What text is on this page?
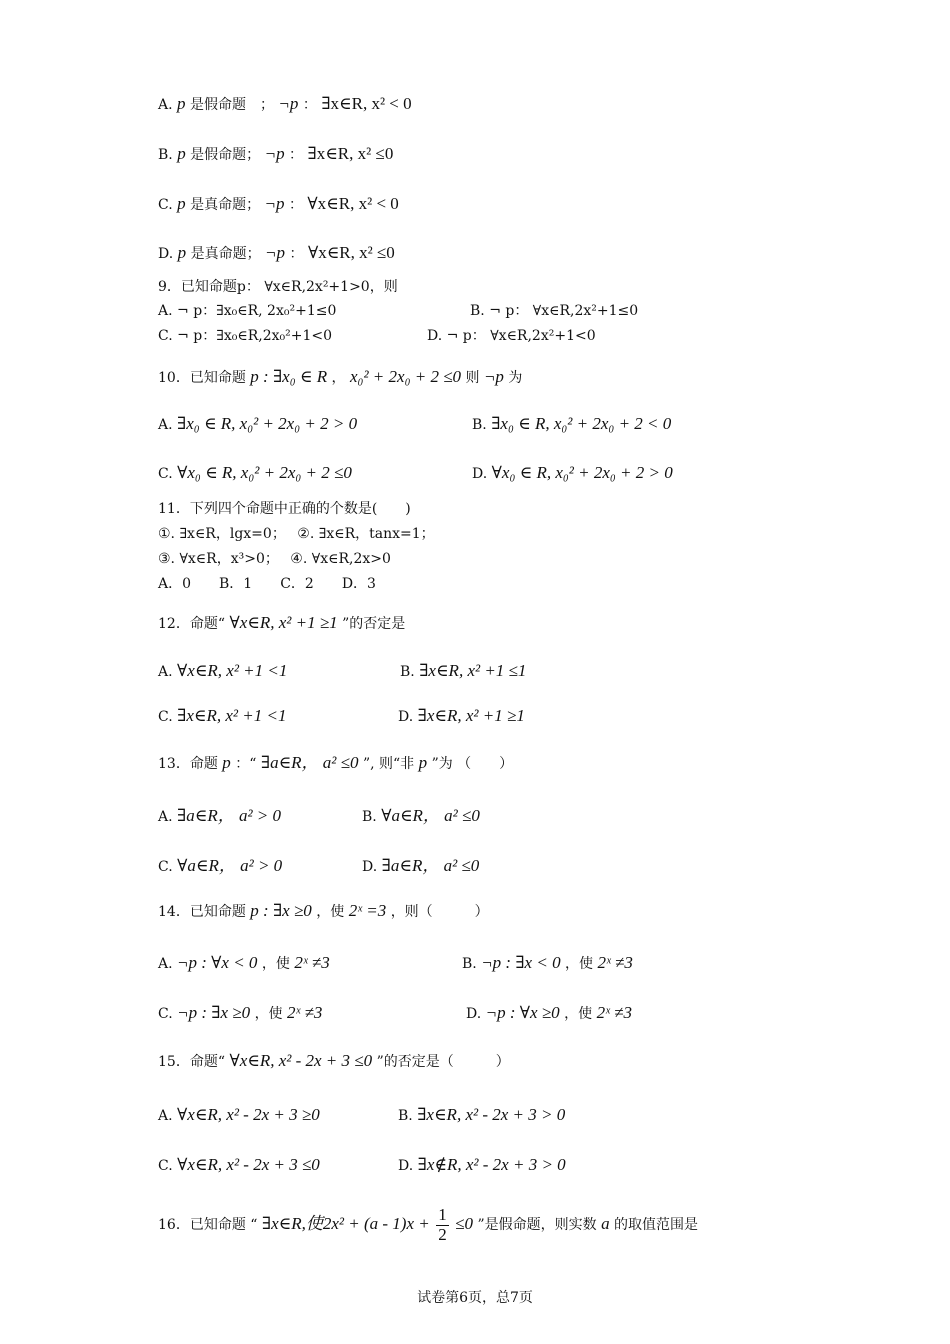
A. p 是假命题　； ¬p ： ∃x∈R, x² < 0
B. p 是假命题； ¬p ： ∃x∈R, x² ≤0
C. p 是真命题； ¬p ： ∀x∈R, x² < 0
D. p 是真命题； ¬p ： ∀x∈R, x² ≤0
9．已知命题p： ∀x∈R,2x²+1>0，则
A. ¬ p：∃x₀∈R, 2x₀²+1≤0	B. ¬ p： ∀x∈R,2x²+1≤0
C. ¬ p：∃x₀∈R,2x₀²+1<0	D. ¬ p： ∀x∈R,2x²+1<0
10．已知命题 p : ∃x₀ ∈ R ， x₀² + 2x₀ + 2 ≤0 则 ¬p 为
A. ∃x₀ ∈ R, x₀² + 2x₀ + 2 > 0	B. ∃x₀ ∈ R, x₀² + 2x₀ + 2 < 0
C. ∀x₀ ∈ R, x₀² + 2x₀ + 2 ≤0	D. ∀x₀ ∈ R, x₀² + 2x₀ + 2 > 0
11．下列四个命题中正确的个数是(　　)
①. ∃x∈R，lgx=0；　 ②. ∃x∈R，tanx=1；
③. ∀x∈R，x³>0；　 ④. ∀x∈R,2x>0
A．0　　B．1　　C．2　　D．3
12．命题“ ∀x∈R, x² +1 ≥1 ”的否定是
A. ∀x∈R, x² +1 <1	B. ∃x∈R, x² +1 ≤1
C. ∃x∈R, x² +1 <1	D. ∃x∈R, x² +1 ≥1
13．命题 p ：“ ∃a∈R， a² ≤0 ”, 则“非 p ”为 （　　）
A. ∃a∈R， a² > 0	B. ∀a∈R， a² ≤0
C. ∀a∈R， a² > 0	D. ∃a∈R， a² ≤0
14．已知命题 p : ∃x ≥0 ，使 2ˣ =3 ，则（　　　）
A. ¬p : ∀x < 0 ，使 2ˣ ≠3	B. ¬p : ∃x < 0 ，使 2ˣ ≠3
C. ¬p : ∃x ≥0 ，使 2ˣ ≠3	D. ¬p : ∀x ≥0 ，使 2ˣ ≠3
15．命题“ ∀x∈R, x² - 2x + 3 ≤0 ”的否定是（　　　）
A. ∀x∈R, x² - 2x + 3 ≥0	B. ∃x∈R, x² - 2x + 3 > 0
C. ∀x∈R, x² - 2x + 3 ≤0	D. ∃x∉R, x² - 2x + 3 > 0
16．已知命题 “ ∃x∈R,使$2x^2 + (a - 1)x + \frac{1}{2} \le 0$ ”是假命题，则实数 a 的取值范围是
试卷第6页，总7页
